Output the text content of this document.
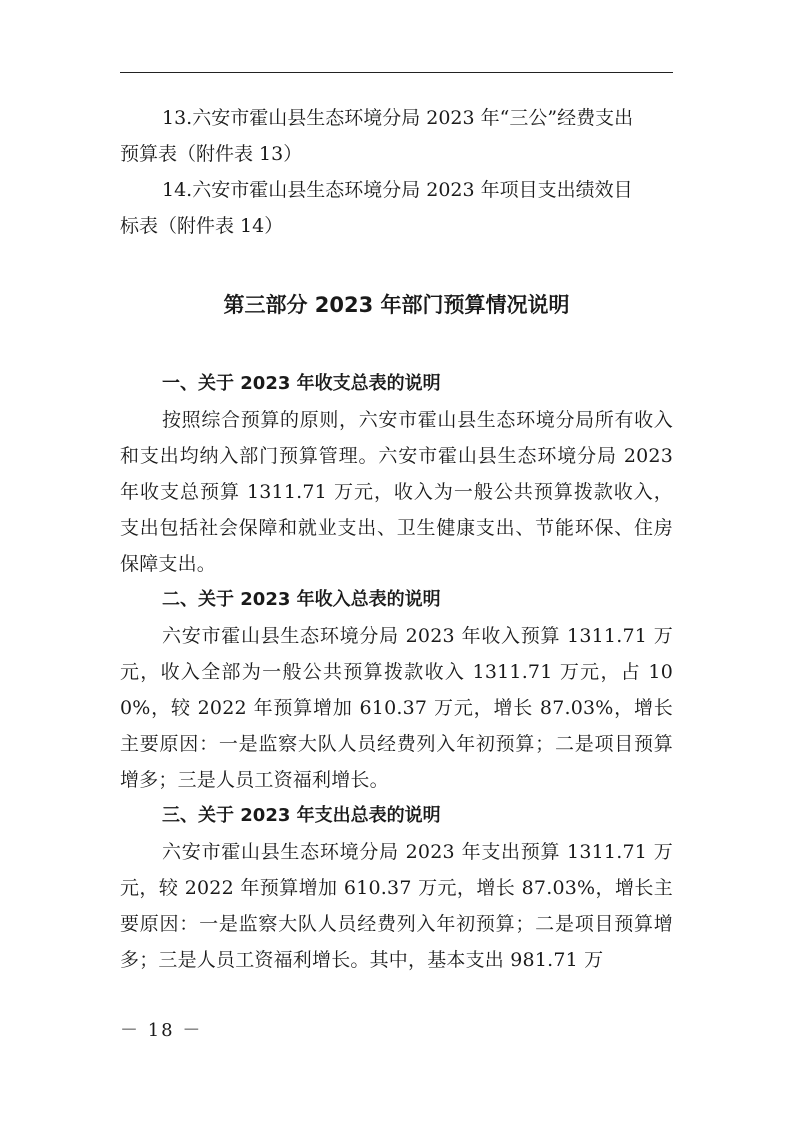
13.六安市霍山县生态环境分局 2023 年“三公”经费支出
预算表（附件表 13）
14.六安市霍山县生态环境分局 2023 年项目支出绩效目
标表（附件表 14）
第三部分 2023 年部门预算情况说明
一、关于 2023 年收支总表的说明

按照综合预算的原则，六安市霍山县生态环境分局所有收入和支出均纳入部门预算管理。六安市霍山县生态环境分局 2023 年收支总预算 1311.71 万元，收入为一般公共预算拨款收入，支出包括社会保障和就业支出、卫生健康支出、节能环保、住房保障支出。

二、关于 2023 年收入总表的说明

六安市霍山县生态环境分局 2023 年收入预算 1311.71 万元，收入全部为一般公共预算拨款收入 1311.71 万元，占 100%，较 2022 年预算增加 610.37 万元，增长 87.03%，增长主要原因：一是监察大队人员经费列入年初预算；二是项目预算增多；三是人员工资福利增长。

三、关于 2023 年支出总表的说明

六安市霍山县生态环境分局 2023 年支出预算 1311.71 万元，较 2022 年预算增加 610.37 万元，增长 87.03%，增长主要原因：一是监察大队人员经费列入年初预算；二是项目预算增多；三是人员工资福利增长。其中，基本支出 981.71 万

－ 18 －
